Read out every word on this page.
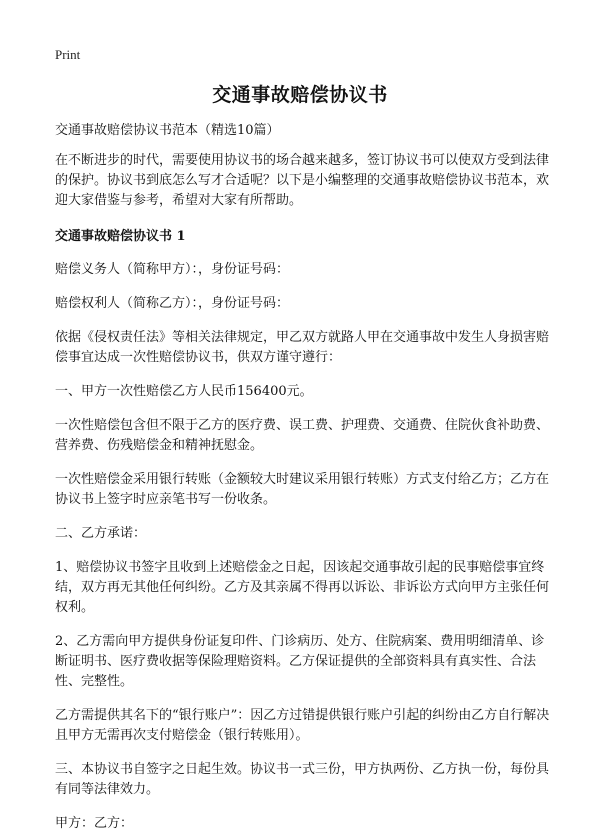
Print
交通事故赔偿协议书

交通事故赔偿协议书范本（精选10篇）

在不断进步的时代，需要使用协议书的场合越来越多，签订协议书可以使双方受到法律的保护。协议书到底怎么写才合适呢？以下是小编整理的交通事故赔偿协议书范本，欢迎大家借鉴与参考，希望对大家有所帮助。

交通事故赔偿协议书 1

赔偿义务人（简称甲方）：，身份证号码：

赔偿权利人（简称乙方）：，身份证号码：

依据《侵权责任法》等相关法律规定，甲乙双方就路人甲在交通事故中发生人身损害赔偿事宜达成一次性赔偿协议书，供双方谨守遵行：

一、甲方一次性赔偿乙方人民币156400元。

一次性赔偿包含但不限于乙方的医疗费、误工费、护理费、交通费、住院伙食补助费、营养费、伤残赔偿金和精神抚慰金。

一次性赔偿金采用银行转账（金额较大时建议采用银行转账）方式支付给乙方；乙方在协议书上签字时应亲笔书写一份收条。

二、乙方承诺：

1、赔偿协议书签字且收到上述赔偿金之日起，因该起交通事故引起的民事赔偿事宜终结，双方再无其他任何纠纷。乙方及其亲属不得再以诉讼、非诉讼方式向甲方主张任何权利。

2、乙方需向甲方提供身份证复印件、门诊病历、处方、住院病案、费用明细清单、诊断证明书、医疗费收据等保险理赔资料。乙方保证提供的全部资料具有真实性、合法性、完整性。

乙方需提供其名下的“银行账户”：因乙方过错提供银行账户引起的纠纷由乙方自行解决且甲方无需再次支付赔偿金（银行转账用）。

三、本协议书自签字之日起生效。协议书一式三份，甲方执两份、乙方执一份，每份具有同等法律效力。

甲方：乙方：
